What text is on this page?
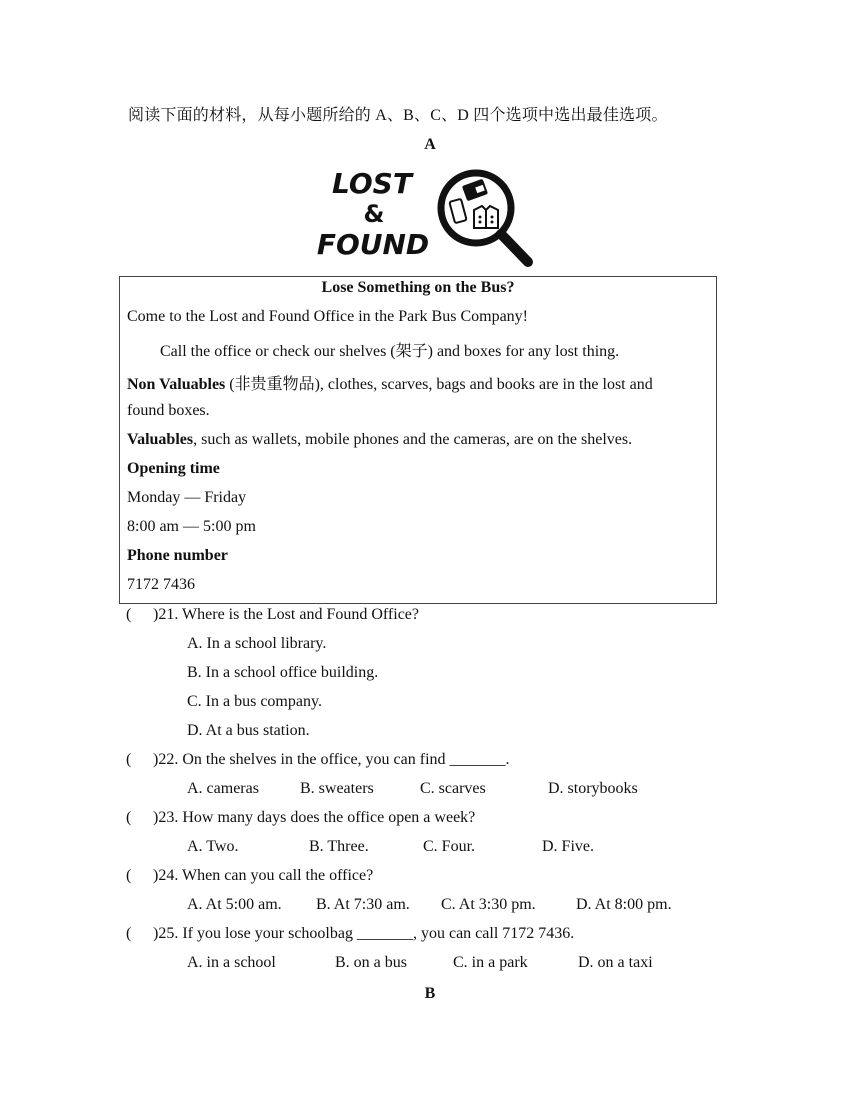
阅读下面的材料，从每小题所给的 A、B、C、D 四个选项中选出最佳选项。
A
LOST
&
FOUND
Lose Something on the Bus?
Come to the Lost and Found Office in the Park Bus Company!
Call the office or check our shelves (架子) and boxes for any lost thing.
Non Valuables (非贵重物品), clothes, scarves, bags and books are in the lost and
found boxes.
Valuables, such as wallets, mobile phones and the cameras, are on the shelves.
Opening time
Monday — Friday
8:00 am — 5:00 pm
Phone number
7172 7436
( )21. Where is the Lost and Found Office?
A. In a school library.
B. In a school office building.
C. In a bus company.
D. At a bus station.
( )22. On the shelves in the office, you can find _______.
A. cameras	B. sweaters	C. scarves	D. storybooks
( )23. How many days does the office open a week?
A. Two.	B. Three.	C. Four.	D. Five.
( )24. When can you call the office?
A. At 5:00 am. B. At 7:30 am. C. At 3:30 pm.	D. At 8:00 pm.
( )25. If you lose your schoolbag _______, you can call 7172 7436.
A. in a school	B. on a bus	C. in a park	D. on a taxi
B
